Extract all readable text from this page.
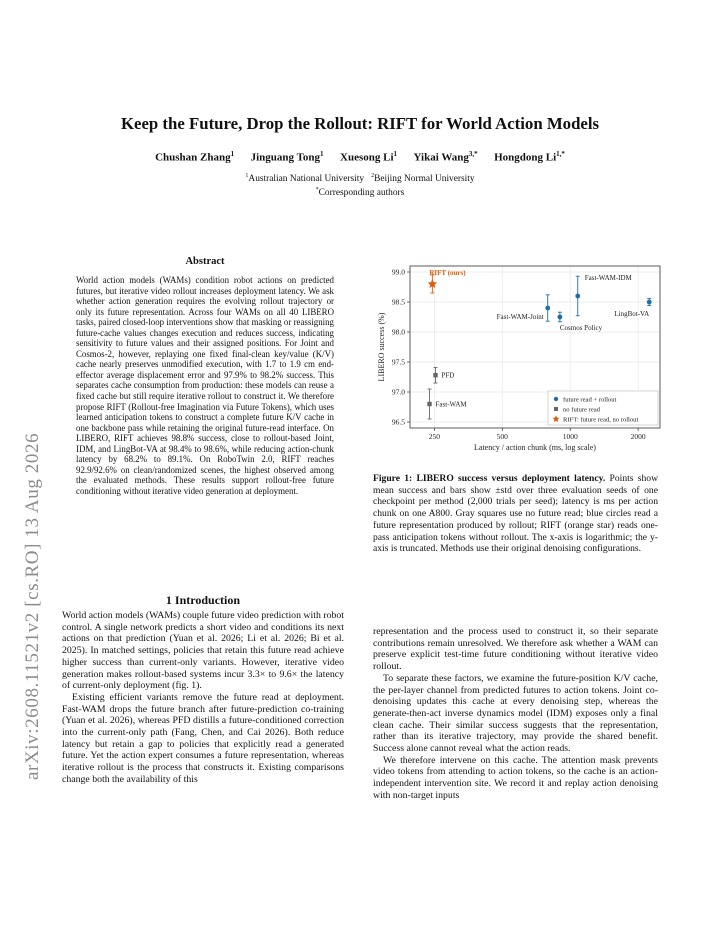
arXiv:2608.11521v2 [cs.RO] 13 Aug 2026
Keep the Future, Drop the Rollout: RIFT for World Action Models
Chushan Zhang$^1$   Jinguang Tong$^1$   Xuesong Li$^1$   Yikai Wang$^{3,*}$   Hongdong $Li^{1,*}$
$^1$Australian National University $^2$Beijing Normal University
*Corresponding authors
Abstract
World action models (WAMs) condition robot actions on predicted futures, but iterative video rollout increases deployment latency. We ask whether action generation requires the evolving rollout trajectory or only its future representation. Across four WAMs on all 40 LIBERO tasks, paired closed-loop interventions show that masking or reassigning future-cache values changes execution and reduces success, indicating sensitivity to future values and their assigned positions. For Joint and Cosmos-2, however, replaying one fixed final-clean key/value (K/V) cache nearly preserves unmodified execution, with 1.7 to 1.9 cm end-effector average displacement error and 97.9% to 98.2% success. This separates cache consumption from production: these models can reuse a fixed cache but still require iterative rollout to construct it. We therefore propose RIFT (Rollout-free Imagination via Future Tokens), which uses learned anticipation tokens to construct a complete future K/V cache in one backbone pass while retaining the original future-read interface. On LIBERO, RIFT achieves 98.8% success, close to rollout-based Joint, IDM, and LingBot-VA at 98.4% to 98.6%, while reducing action-chunk latency by 68.2% to 89.1%. On RoboTwin 2.0, RIFT reaches 92.9/92.6% on clean/randomized scenes, the highest observed among the evaluated methods. These results support rollout-free future conditioning without iterative video generation at deployment.
96.5
97.0
97.5
98.0
98.5
99.0
250	500	1000	2000
Latency / action chunk (ms, log scale)
LIBERO success (%)
RIFT (ours)
PFD
Fast-WAM
Fast-WAM-Joint
Cosmos Policy
Fast-WAM-IDM
LingBot-VA
future read + rollout
no future read
RIFT: future read, no rollout
Figure 1: LIBERO success versus deployment latency. Points show mean success and bars show ±std over three evaluation seeds of one checkpoint per method (2,000 trials per seed); latency is ms per action chunk on one A800. Gray squares use no future read; blue circles read a future representation produced by rollout; RIFT (orange star) reads one-pass anticipation tokens without rollout. The x-axis is logarithmic; the y-axis is truncated. Methods use their original denoising configurations.
1 Introduction

World action models (WAMs) couple future video prediction with robot control. A single network predicts a short video and conditions its next actions on that prediction (Yuan et al. 2026; Li et al. 2026; Bi et al. 2025). In matched settings, policies that retain this future read achieve higher success than current-only variants. However, iterative video generation makes rollout-based systems incur 3.3× to 9.6× the latency of current-only deployment (fig. 1).

Existing efficient variants remove the future read at deployment. Fast-WAM drops the future branch after future-prediction co-training (Yuan et al. 2026), whereas PFD distills a future-conditioned correction into the current-only path (Fang, Chen, and Cai 2026). Both reduce latency but retain a gap to policies that explicitly read a generated future. Yet the action expert consumes a future representation, whereas iterative rollout is the process that constructs it. Existing comparisons change both the availability of this

representation and the process used to construct it, so their separate contributions remain unresolved. We therefore ask whether a WAM can preserve explicit test-time future conditioning without iterative video rollout.

To separate these factors, we examine the future-position K/V cache, the per-layer channel from predicted futures to action tokens. Joint co-denoising updates this cache at every denoising step, whereas the generate-then-act inverse dynamics model (IDM) exposes only a final clean cache. Their similar success suggests that the representation, rather than its iterative trajectory, may provide the shared benefit. Success alone cannot reveal what the action reads.

We therefore intervene on this cache. The attention mask prevents video tokens from attending to action tokens, so the cache is an action-independent intervention site. We record it and replay action denoising with non-target inputs
